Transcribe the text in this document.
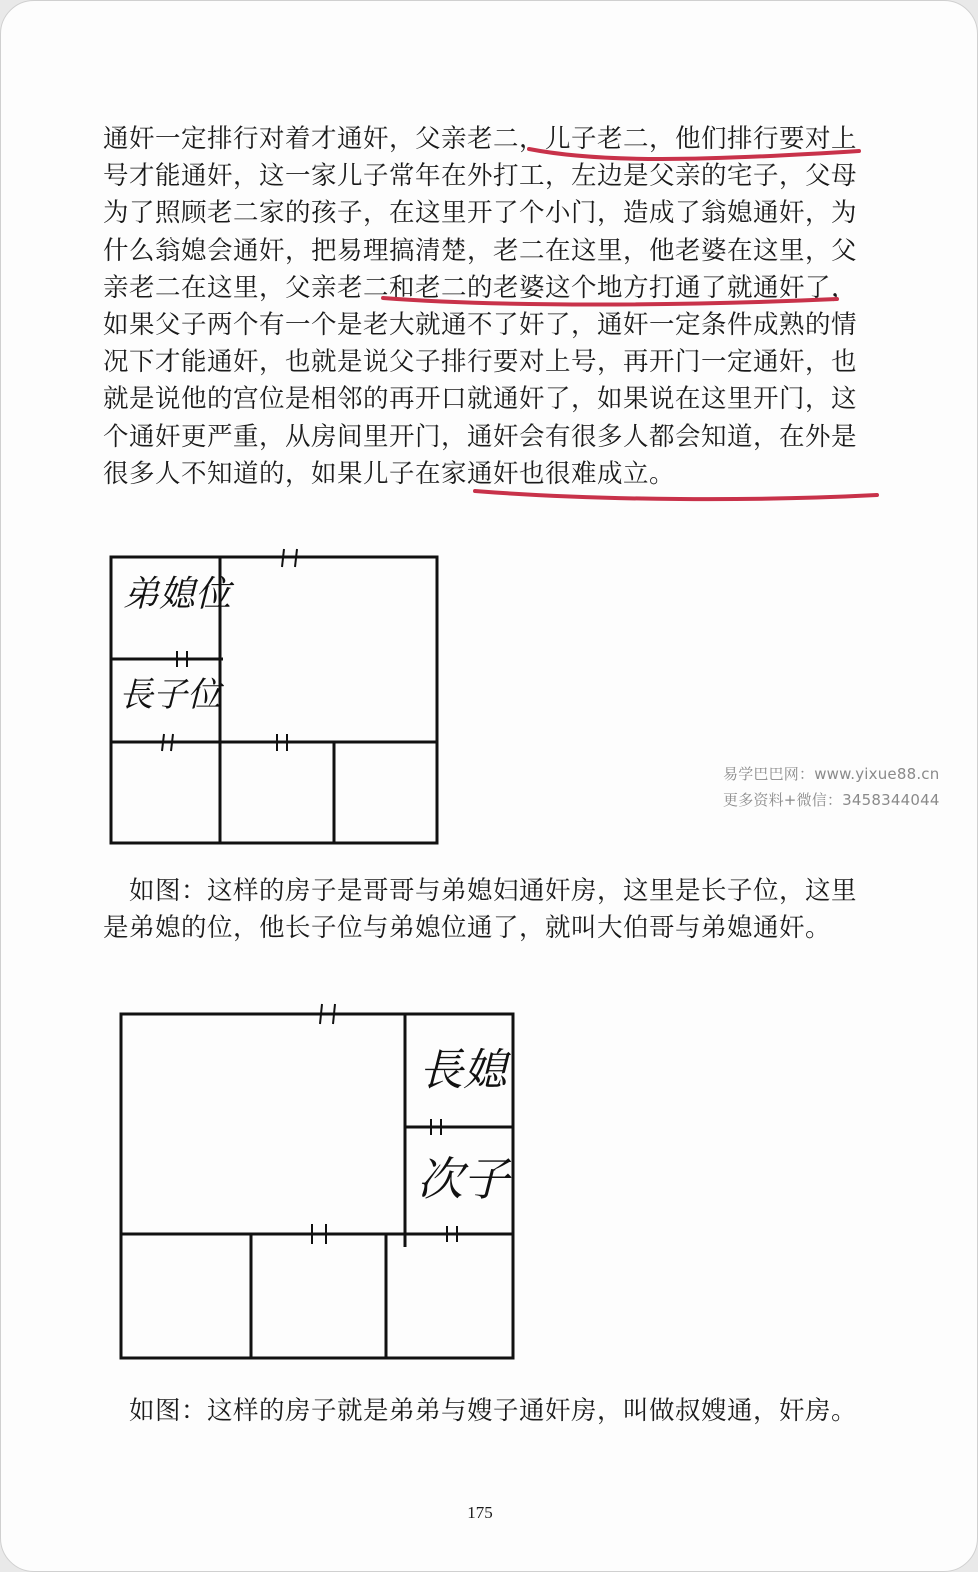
通奸一定排行对着才通奸，父亲老二，儿子老二，他们排行要对上号才能通奸，这一家儿子常年在外打工，左边是父亲的宅子，父母为了照顾老二家的孩子，在这里开了个小门，造成了翁媳通奸，为什么翁媳会通奸，把易理搞清楚，老二在这里，他老婆在这里，父亲老二在这里，父亲老二和老二的老婆这个地方打通了就通奸了，如果父子两个有一个是老大就通不了奸了，通奸一定条件成熟的情况下才能通奸，也就是说父子排行要对上号，再开门一定通奸，也就是说他的宫位是相邻的再开口就通奸了，如果说在这里开门，这个通奸更严重，从房间里开门，通奸会有很多人都会知道，在外是很多人不知道的，如果儿子在家通奸也很难成立。

弟媳位
長子位
易学巴巴网：www.yixue88.cn
更多资料+微信：3458344044

如图：这样的房子是哥哥与弟媳妇通奸房，这里是长子位，这里是弟媳的位，他长子位与弟媳位通了，就叫大伯哥与弟媳通奸。

長媳
次子

如图：这样的房子就是弟弟与嫂子通奸房，叫做叔嫂通，奸房。

175
